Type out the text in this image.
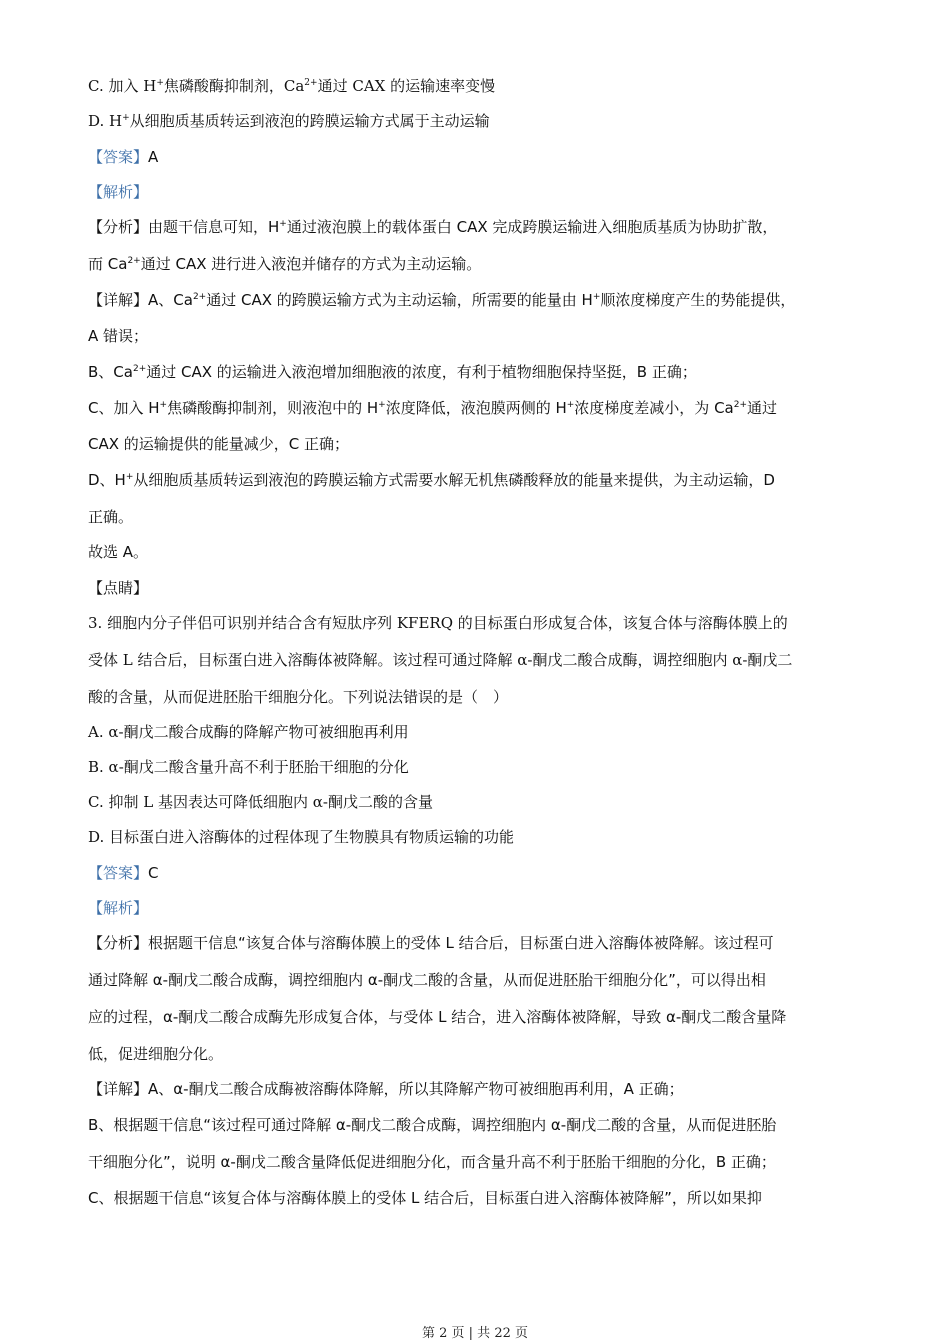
C. 加入 H+焦磷酸酶抑制剂，$Ca^{2+}$通过 CAX 的运输速率变慢
D. H+从细胞质基质转运到液泡的跨膜运输方式属于主动运输
【答案】A
【解析】
【分析】由题干信息可知，H+通过液泡膜上的载体蛋白 CAX 完成跨膜运输进入细胞质基质为协助扩散，
而 $Ca^{2+}$通过 CAX 进行进入液泡并储存的方式为主动运输。
【详解】A、$Ca^{2+}$通过 CAX 的跨膜运输方式为主动运输，所需要的能量由 H+顺浓度梯度产生的势能提供，
A 错误；
B、$Ca^{2+}$通过 CAX 的运输进入液泡增加细胞液的浓度，有利于植物细胞保持坚挺，B 正确；
C、加入 H+焦磷酸酶抑制剂，则液泡中的 H+浓度降低，液泡膜两侧的 H+浓度梯度差减小，为 $Ca^{2+}$通过
CAX 的运输提供的能量减少，C 正确；
D、H+从细胞质基质转运到液泡的跨膜运输方式需要水解无机焦磷酸释放的能量来提供，为主动运输，D
正确。
故选 A。
【点睛】
3. 细胞内分子伴侣可识别并结合含有短肽序列 KFERQ 的目标蛋白形成复合体，该复合体与溶酶体膜上的
受体 L 结合后，目标蛋白进入溶酶体被降解。该过程可通过降解 α-酮戊二酸合成酶，调控细胞内 α-酮戊二
酸的含量，从而促进胚胎干细胞分化。下列说法错误的是（　）
A. α-酮戊二酸合成酶的降解产物可被细胞再利用
B. α-酮戊二酸含量升高不利于胚胎干细胞的分化
C. 抑制 L 基因表达可降低细胞内 α-酮戊二酸的含量
D. 目标蛋白进入溶酶体的过程体现了生物膜具有物质运输的功能
【答案】C
【解析】
【分析】根据题干信息“该复合体与溶酶体膜上的受体 L 结合后，目标蛋白进入溶酶体被降解。该过程可
通过降解 α-酮戊二酸合成酶，调控细胞内 α-酮戊二酸的含量，从而促进胚胎干细胞分化”，可以得出相
应的过程，α-酮戊二酸合成酶先形成复合体，与受体 L 结合，进入溶酶体被降解，导致 α-酮戊二酸含量降
低，促进细胞分化。
【详解】A、α-酮戊二酸合成酶被溶酶体降解，所以其降解产物可被细胞再利用，A 正确；
B、根据题干信息“该过程可通过降解 α-酮戊二酸合成酶，调控细胞内 α-酮戊二酸的含量，从而促进胚胎
干细胞分化”，说明 α-酮戊二酸含量降低促进细胞分化，而含量升高不利于胚胎干细胞的分化，B 正确；
C、根据题干信息“该复合体与溶酶体膜上的受体 L 结合后，目标蛋白进入溶酶体被降解”，所以如果抑
第 2 页 | 共 22 页
